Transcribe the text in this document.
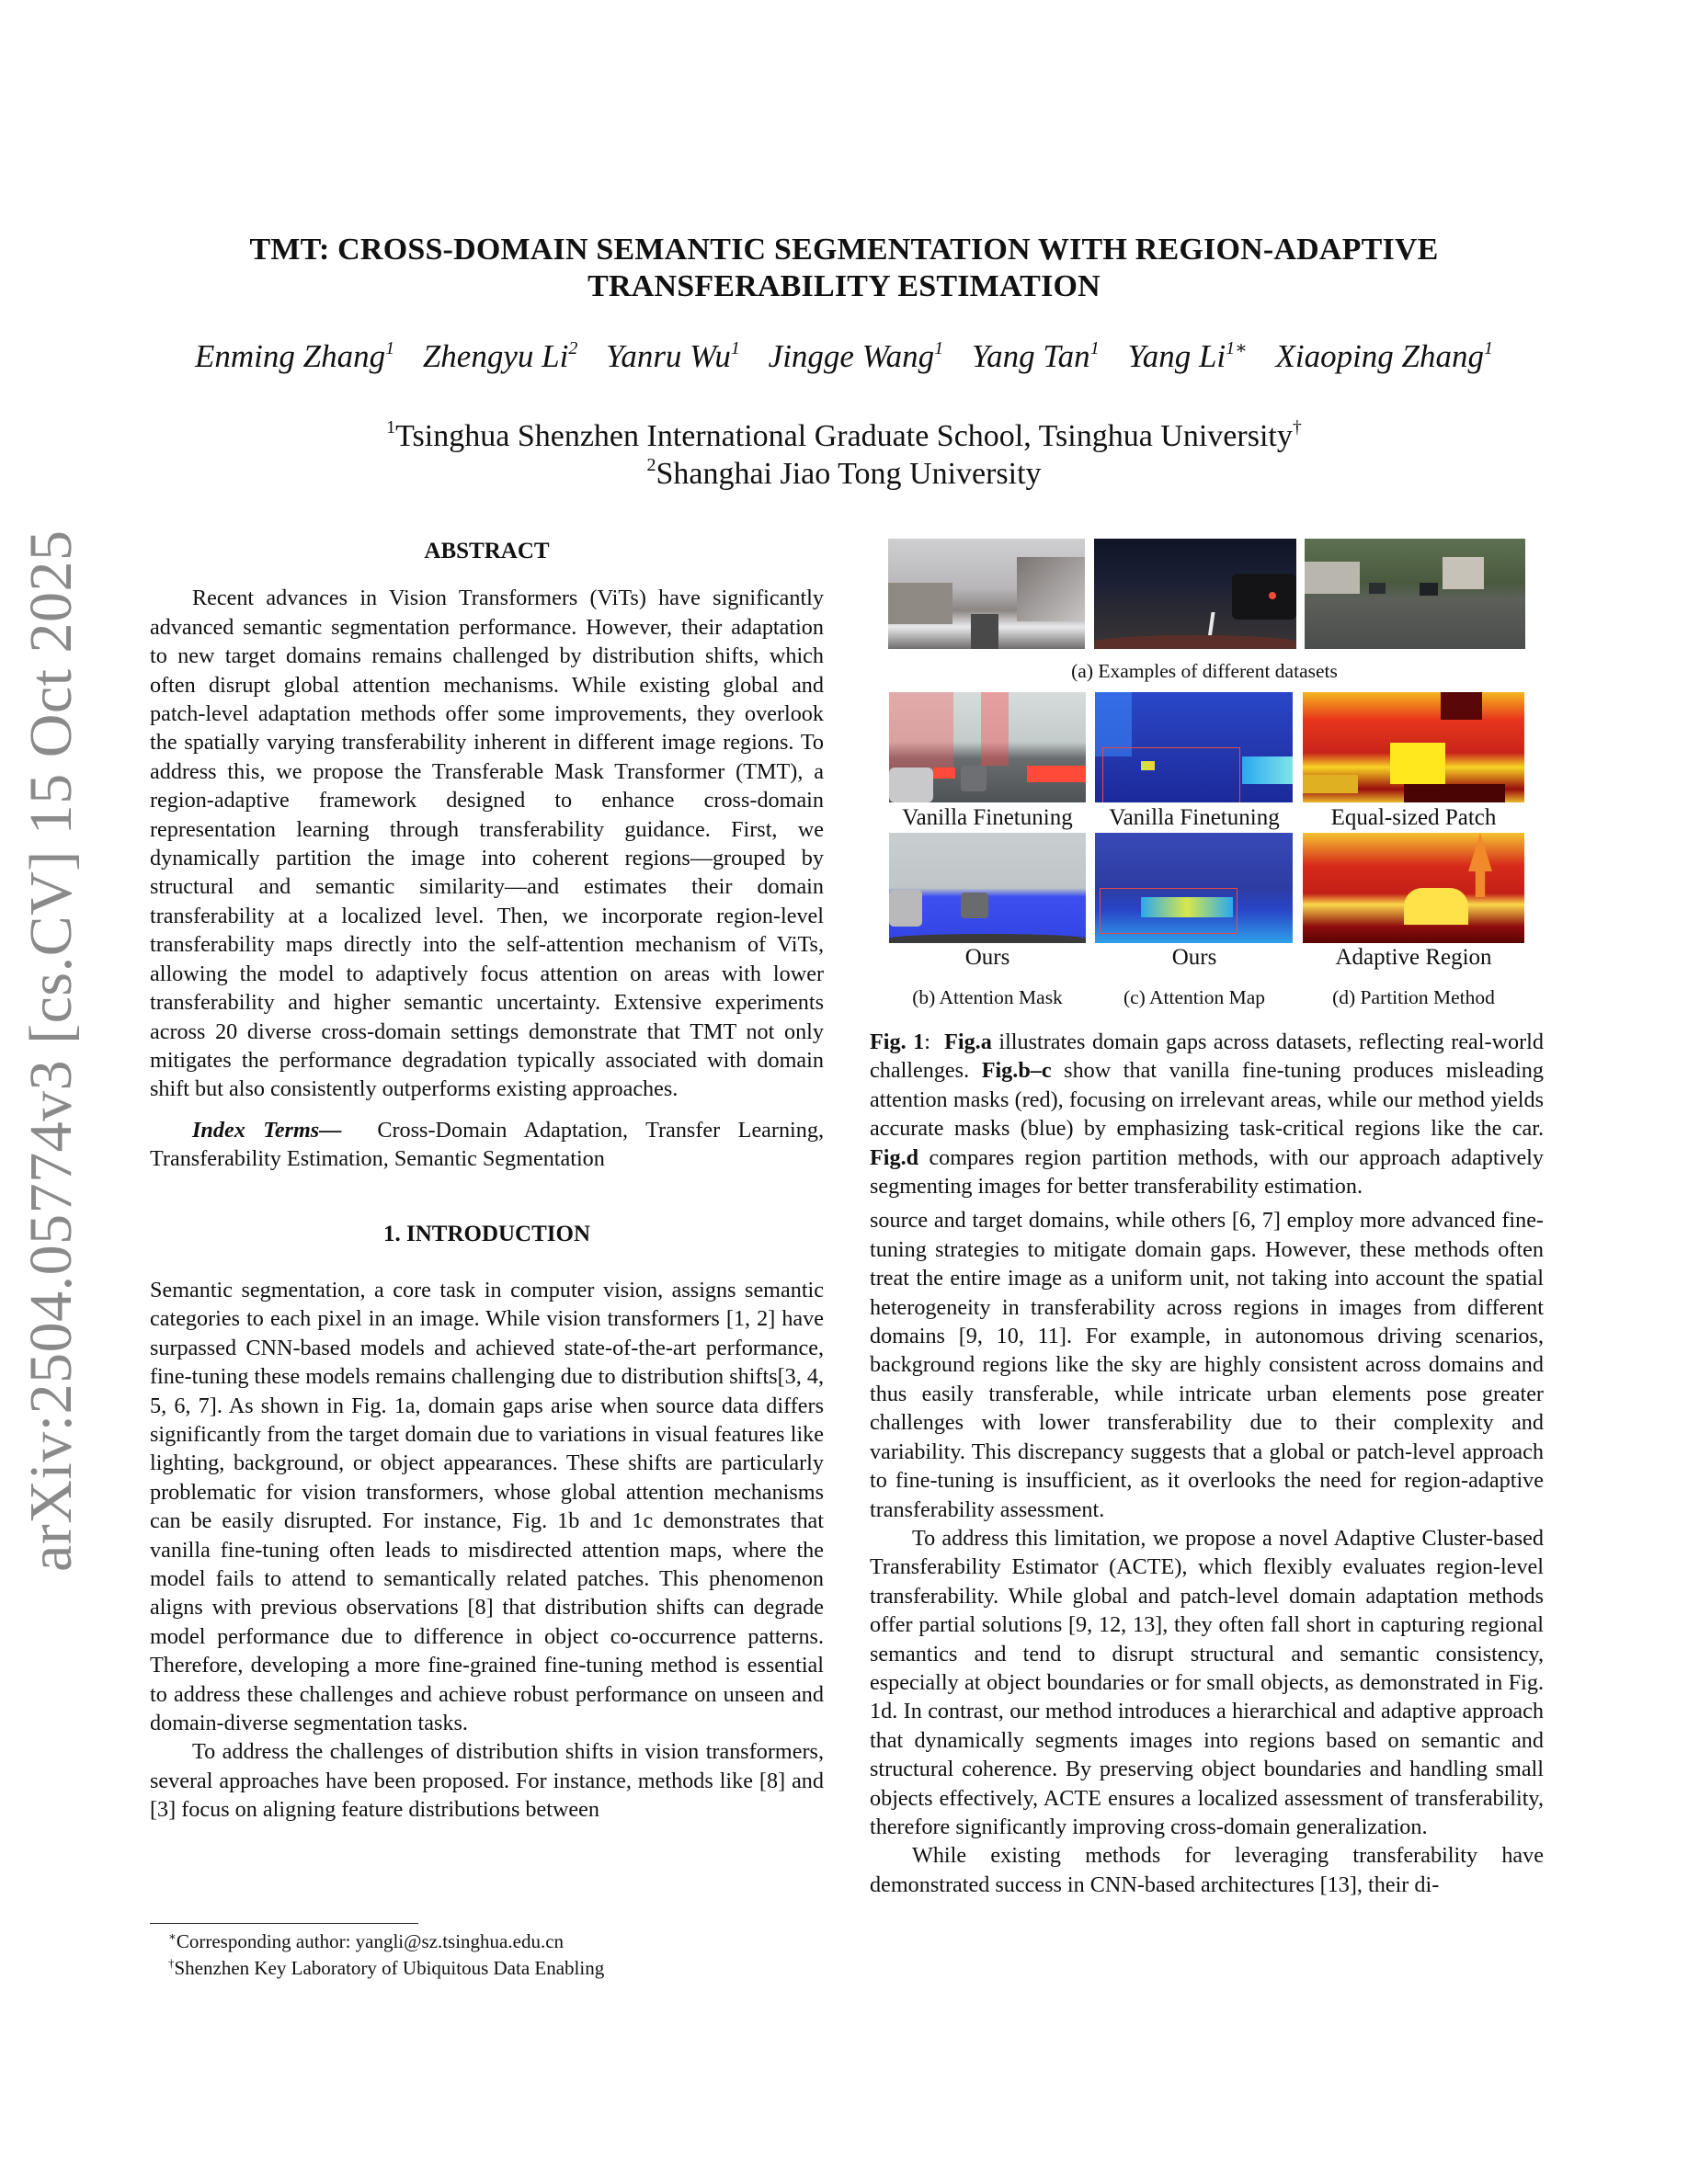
arXiv:2504.05774v3 [cs.CV] 15 Oct 2025
TMT: CROSS-DOMAIN SEMANTIC SEGMENTATION WITH REGION-ADAPTIVE
TRANSFERABILITY ESTIMATION
Enming Zhang$^1$ Zhengyu Li$^2$ Yanru Wu$^1$ Jingge Wang$^1$ Yang Tan$^1$ Yang $Li^{1∗}$ Xiaoping Zhang$^1$
$^1$Tsinghua Shenzhen International Graduate School, Tsinghua University†
$^2$Shanghai Jiao Tong University
ABSTRACT

Recent advances in Vision Transformers (ViTs) have significantly advanced semantic segmentation performance. However, their adaptation to new target domains remains challenged by distribution shifts, which often disrupt global attention mechanisms. While existing global and patch-level adaptation methods offer some improvements, they overlook the spatially varying transferability inherent in different image regions. To address this, we propose the Transferable Mask Transformer (TMT), a region-adaptive framework designed to enhance cross-domain representation learning through transferability guidance. First, we dynamically partition the image into coherent regions—grouped by structural and semantic similarity—and estimates their domain transferability at a localized level. Then, we incorporate region-level transferability maps directly into the self-attention mechanism of ViTs, allowing the model to adaptively focus attention on areas with lower transferability and higher semantic uncertainty. Extensive experiments across 20 diverse cross-domain settings demonstrate that TMT not only mitigates the performance degradation typically associated with domain shift but also consistently outperforms existing approaches.

Index Terms— Cross-Domain Adaptation, Transfer Learning, Transferability Estimation, Semantic Segmentation

1. INTRODUCTION

Semantic segmentation, a core task in computer vision, assigns semantic categories to each pixel in an image. While vision transformers [1, 2] have surpassed CNN-based models and achieved state-of-the-art performance, fine-tuning these models remains challenging due to distribution shifts[3, 4, 5, 6, 7]. As shown in Fig. 1a, domain gaps arise when source data differs significantly from the target domain due to variations in visual features like lighting, background, or object appearances. These shifts are particularly problematic for vision transformers, whose global attention mechanisms can be easily disrupted. For instance, Fig. 1b and 1c demonstrates that vanilla fine-tuning often leads to misdirected attention maps, where the model fails to attend to semantically related patches. This phenomenon aligns with previous observations [8] that distribution shifts can degrade model performance due to difference in object co-occurrence patterns. Therefore, developing a more fine-grained fine-tuning method is essential to address these challenges and achieve robust performance on unseen and domain-diverse segmentation tasks.

To address the challenges of distribution shifts in vision transformers, several approaches have been proposed. For instance, methods like [8] and [3] focus on aligning feature distributions between

∗Corresponding author: yangli@sz.tsinghua.edu.cn
†Shenzhen Key Laboratory of Ubiquitous Data Enabling
(a) Examples of different datasets
Vanilla Finetuning	Vanilla Finetuning	Equal-sized Patch
Ours	Ours	Adaptive Region
(b) Attention Mask	(c) Attention Map	(d) Partition Method

Fig. 1:  Fig.a illustrates domain gaps across datasets, reflecting real-world challenges. Fig.b–c show that vanilla fine-tuning produces misleading attention masks (red), focusing on irrelevant areas, while our method yields accurate masks (blue) by emphasizing task-critical regions like the car. Fig.d compares region partition methods, with our approach adaptively segmenting images for better transferability estimation.

source and target domains, while others [6, 7] employ more advanced fine-tuning strategies to mitigate domain gaps. However, these methods often treat the entire image as a uniform unit, not taking into account the spatial heterogeneity in transferability across regions in images from different domains [9, 10, 11]. For example, in autonomous driving scenarios, background regions like the sky are highly consistent across domains and thus easily transferable, while intricate urban elements pose greater challenges with lower transferability due to their complexity and variability. This discrepancy suggests that a global or patch-level approach to fine-tuning is insufficient, as it overlooks the need for region-adaptive transferability assessment.

To address this limitation, we propose a novel Adaptive Cluster-based Transferability Estimator (ACTE), which flexibly evaluates region-level transferability. While global and patch-level domain adaptation methods offer partial solutions [9, 12, 13], they often fall short in capturing regional semantics and tend to disrupt structural and semantic consistency, especially at object boundaries or for small objects, as demonstrated in Fig. 1d. In contrast, our method introduces a hierarchical and adaptive approach that dynamically segments images into regions based on semantic and structural coherence. By preserving object boundaries and handling small objects effectively, ACTE ensures a localized assessment of transferability, therefore significantly improving cross-domain generalization.

While existing methods for leveraging transferability have demonstrated success in CNN-based architectures [13], their di-
